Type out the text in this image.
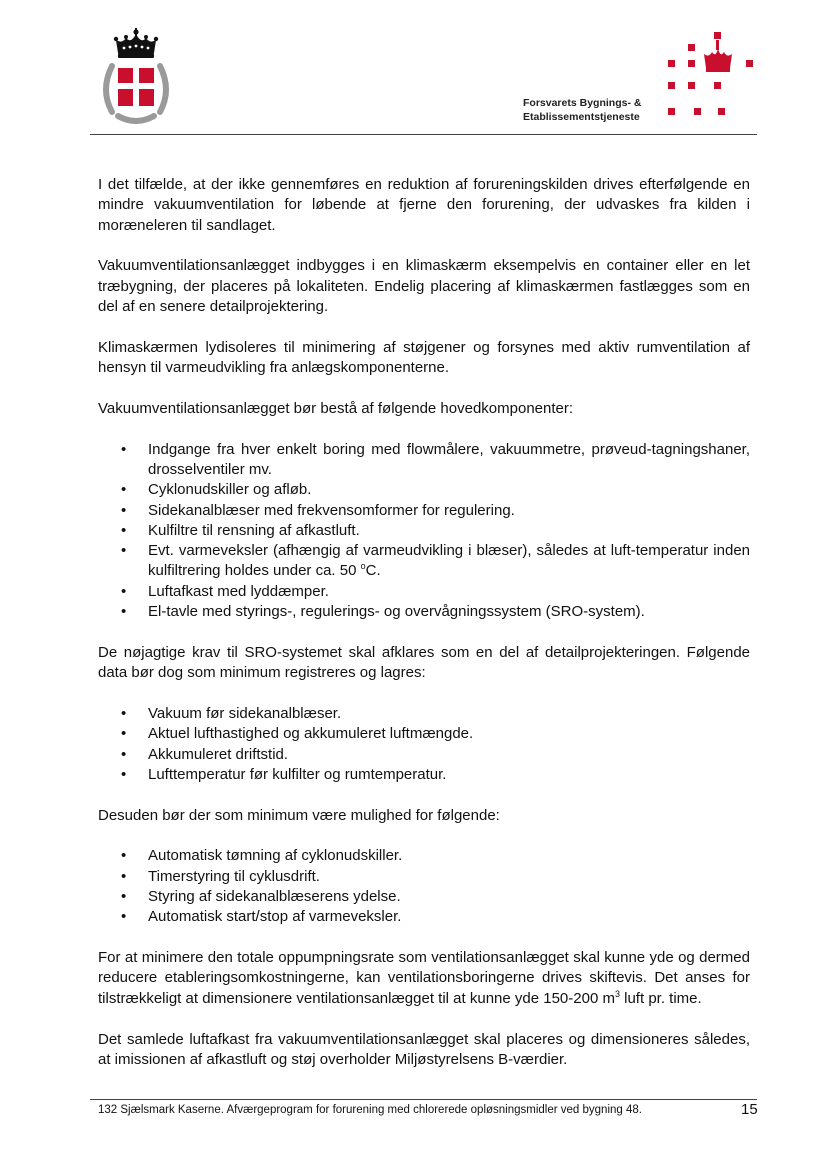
Forsvarets Bygnings- &
Etablissementstjeneste

I det tilfælde, at der ikke gennemføres en reduktion af forureningskilden drives efterfølgende en mindre vakuumventilation for løbende at fjerne den forurening, der udvaskes fra kilden i moræneleren til sandlaget.

Vakuumventilationsanlægget indbygges i en klimaskærm eksempelvis en container eller en let træbygning, der placeres på lokaliteten. Endelig placering af klimaskærmen fastlægges som en del af en senere detailprojektering.

Klimaskærmen lydisoleres til minimering af støjgener og forsynes med aktiv rumventilation af hensyn til varmeudvikling fra anlægskomponenterne.

Vakuumventilationsanlægget bør bestå af følgende hovedkomponenter:

• Indgange fra hver enkelt boring med flowmålere, vakuummetre, prøveud-tagningshaner, drosselventiler mv.
• Cyklonudskiller og afløb.
• Sidekanalblæser med frekvensomformer for regulering.
• Kulfiltre til rensning af afkastluft.
• Evt. varmeveksler (afhængig af varmeudvikling i blæser), således at luft-temperatur inden kulfiltrering holdes under ca. 50 $^o$C.
• Luftafkast med lyddæmper.
• El-tavle med styrings-, regulerings- og overvågningssystem (SRO-system).

De nøjagtige krav til SRO-systemet skal afklares som en del af detailprojekteringen. Følgende data bør dog som minimum registreres og lagres:

• Vakuum før sidekanalblæser.
• Aktuel lufthastighed og akkumuleret luftmængde.
• Akkumuleret driftstid.
• Lufttemperatur før kulfilter og rumtemperatur.

Desuden bør der som minimum være mulighed for følgende:

• Automatisk tømning af cyklonudskiller.
• Timerstyring til cyklusdrift.
• Styring af sidekanalblæserens ydelse.
• Automatisk start/stop af varmeveksler.

For at minimere den totale oppumpningsrate som ventilationsanlægget skal kunne yde og dermed reducere etableringsomkostningerne, kan ventilationsboringerne drives skiftevis. Det anses for tilstrækkeligt at dimensionere ventilationsanlægget til at kunne yde 150-200 $m^3$ luft pr. time.

Det samlede luftafkast fra vakuumventilationsanlægget skal placeres og dimensioneres således, at imissionen af afkastluft og støj overholder Miljøstyrelsens B-værdier.

132 Sjælsmark Kaserne. Afværgeprogram for forurening med chlorerede opløsningsmidler ved bygning 48.	15
